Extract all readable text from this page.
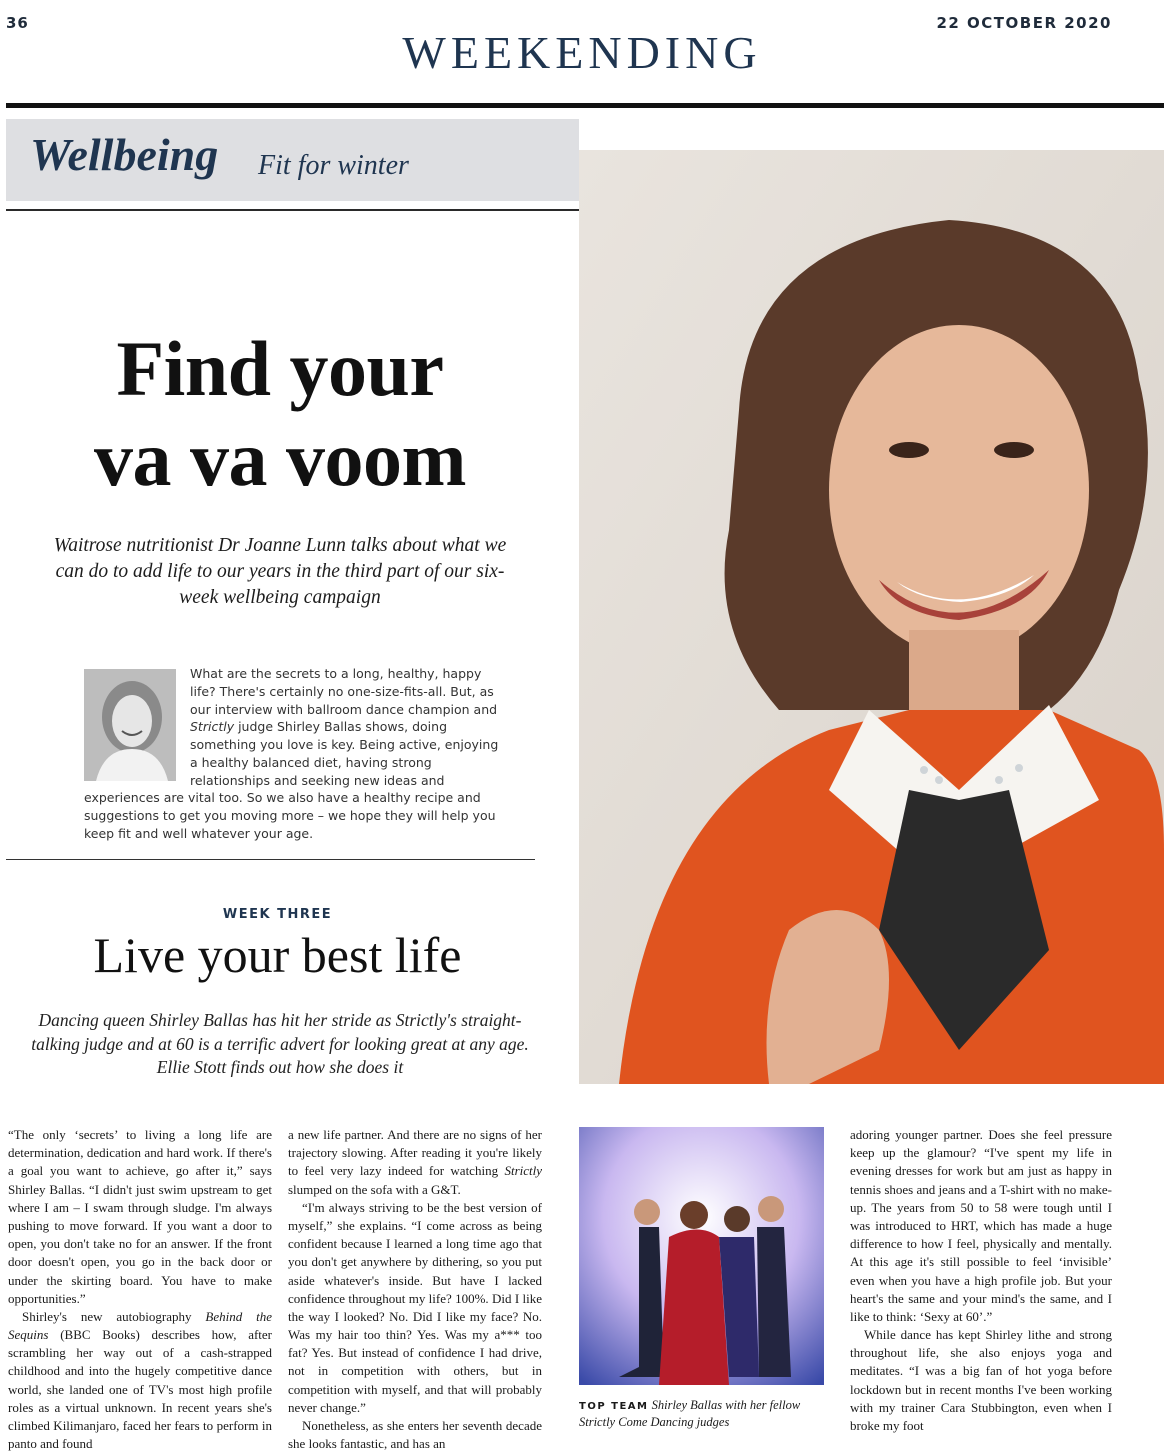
36
WEEKENDING
22 OCTOBER 2020
Wellbeing Fit for winter
Find your
va va voom
Waitrose nutritionist Dr Joanne Lunn talks about what we can do to add life to our years in the third part of our six-week wellbeing campaign
What are the secrets to a long, healthy, happy life? There's certainly no one-size-fits-all. But, as our interview with ballroom dance champion and Strictly judge Shirley Ballas shows, doing something you love is key. Being active, enjoying a healthy balanced diet, having strong relationships and seeking new ideas and experiences are vital too. So we also have a healthy recipe and suggestions to get you moving more – we hope they will help you keep fit and well whatever your age.
WEEK THREE
Live your best life
Dancing queen Shirley Ballas has hit her stride as Strictly's straight-talking judge and at 60 is a terrific advert for looking great at any age. Ellie Stott finds out how she does it

“The only ‘secrets’ to living a long life are determination, dedication and hard work. If there's a goal you want to achieve, go after it,” says Shirley Ballas. “I didn't just swim upstream to get where I am – I swam through sludge. I'm always pushing to move forward. If you want a door to open, you don't take no for an answer. If the front door doesn't open, you go in the back door or under the skirting board. You have to make opportunities.”

Shirley's new autobiography Behind the Sequins (BBC Books) describes how, after scrambling her way out of a cash-strapped childhood and into the hugely competitive dance world, she landed one of TV's most high profile roles as a virtual unknown. In recent years she's climbed Kilimanjaro, faced her fears to perform in panto and found

a new life partner. And there are no signs of her trajectory slowing. After reading it you're likely to feel very lazy indeed for watching Strictly slumped on the sofa with a G&T.

“I'm always striving to be the best version of myself,” she explains. “I come across as being confident because I learned a long time ago that you don't get anywhere by dithering, so you put aside whatever's inside. But have I lacked confidence throughout my life? 100%. Did I like the way I looked? No. Did I like my face? No. Was my hair too thin? Yes. Was my a*** too fat? Yes. But instead of confidence I had drive, not in competition with others, but in competition with myself, and that will probably never change.”

Nonetheless, as she enters her seventh decade she looks fantastic, and has an

TOP TEAM Shirley Ballas with her fellow Strictly Come Dancing judges

adoring younger partner. Does she feel pressure keep up the glamour? “I've spent my life in evening dresses for work but am just as happy in tennis shoes and jeans and a T-shirt with no make-up. The years from 50 to 58 were tough until I was introduced to HRT, which has made a huge difference to how I feel, physically and mentally. At this age it's still possible to feel ‘invisible’ even when you have a high profile job. But your heart's the same and your mind's the same, and I like to think: ‘Sexy at 60’.”

While dance has kept Shirley lithe and strong throughout life, she also enjoys yoga and meditates. “I was a big fan of hot yoga before lockdown but in recent months I've been working with my trainer Cara Stubbington, even when I broke my foot
